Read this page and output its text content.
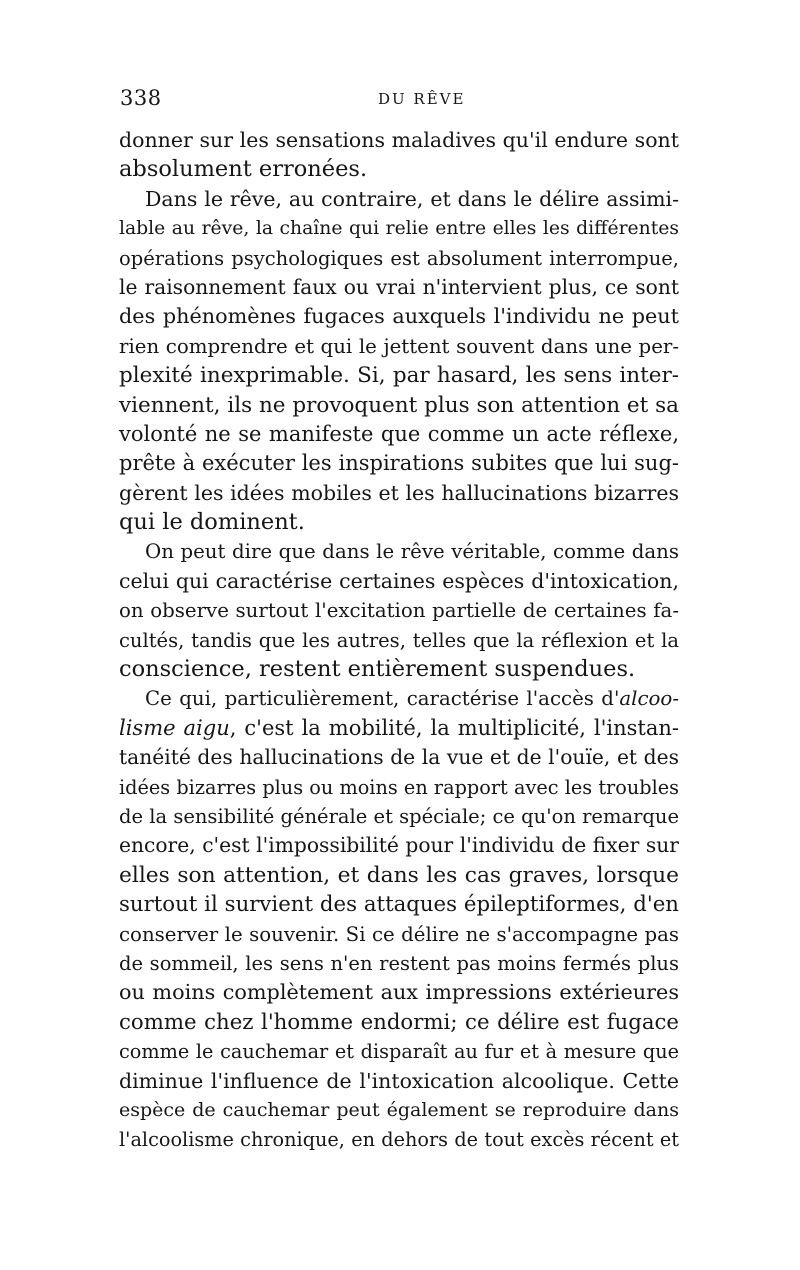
338	DU RÊVE
donner sur les sensations maladives qu'il endure sont
absolument erronées.
Dans le rêve, au contraire, et dans le délire assimi-
lable au rêve, la chaîne qui relie entre elles les différentes
opérations psychologiques est absolument interrompue,
le raisonnement faux ou vrai n'intervient plus, ce sont
des phénomènes fugaces auxquels l'individu ne peut
rien comprendre et qui le jettent souvent dans une per-
plexité inexprimable. Si, par hasard, les sens inter-
viennent, ils ne provoquent plus son attention et sa
volonté ne se manifeste que comme un acte réflexe,
prête à exécuter les inspirations subites que lui sug-
gèrent les idées mobiles et les hallucinations bizarres
qui le dominent.
On peut dire que dans le rêve véritable, comme dans
celui qui caractérise certaines espèces d'intoxication,
on observe surtout l'excitation partielle de certaines fa-
cultés, tandis que les autres, telles que la réflexion et la
conscience, restent entièrement suspendues.
Ce qui, particulièrement, caractérise l'accès d'alcoo-
lisme aigu, c'est la mobilité, la multiplicité, l'instan-
tanéité des hallucinations de la vue et de l'ouïe, et des
idées bizarres plus ou moins en rapport avec les troubles
de la sensibilité générale et spéciale; ce qu'on remarque
encore, c'est l'impossibilité pour l'individu de fixer sur
elles son attention, et dans les cas graves, lorsque
surtout il survient des attaques épileptiformes, d'en
conserver le souvenir. Si ce délire ne s'accompagne pas
de sommeil, les sens n'en restent pas moins fermés plus
ou moins complètement aux impressions extérieures
comme chez l'homme endormi; ce délire est fugace
comme le cauchemar et disparaît au fur et à mesure que
diminue l'influence de l'intoxication alcoolique. Cette
espèce de cauchemar peut également se reproduire dans
l'alcoolisme chronique, en dehors de tout excès récent et
